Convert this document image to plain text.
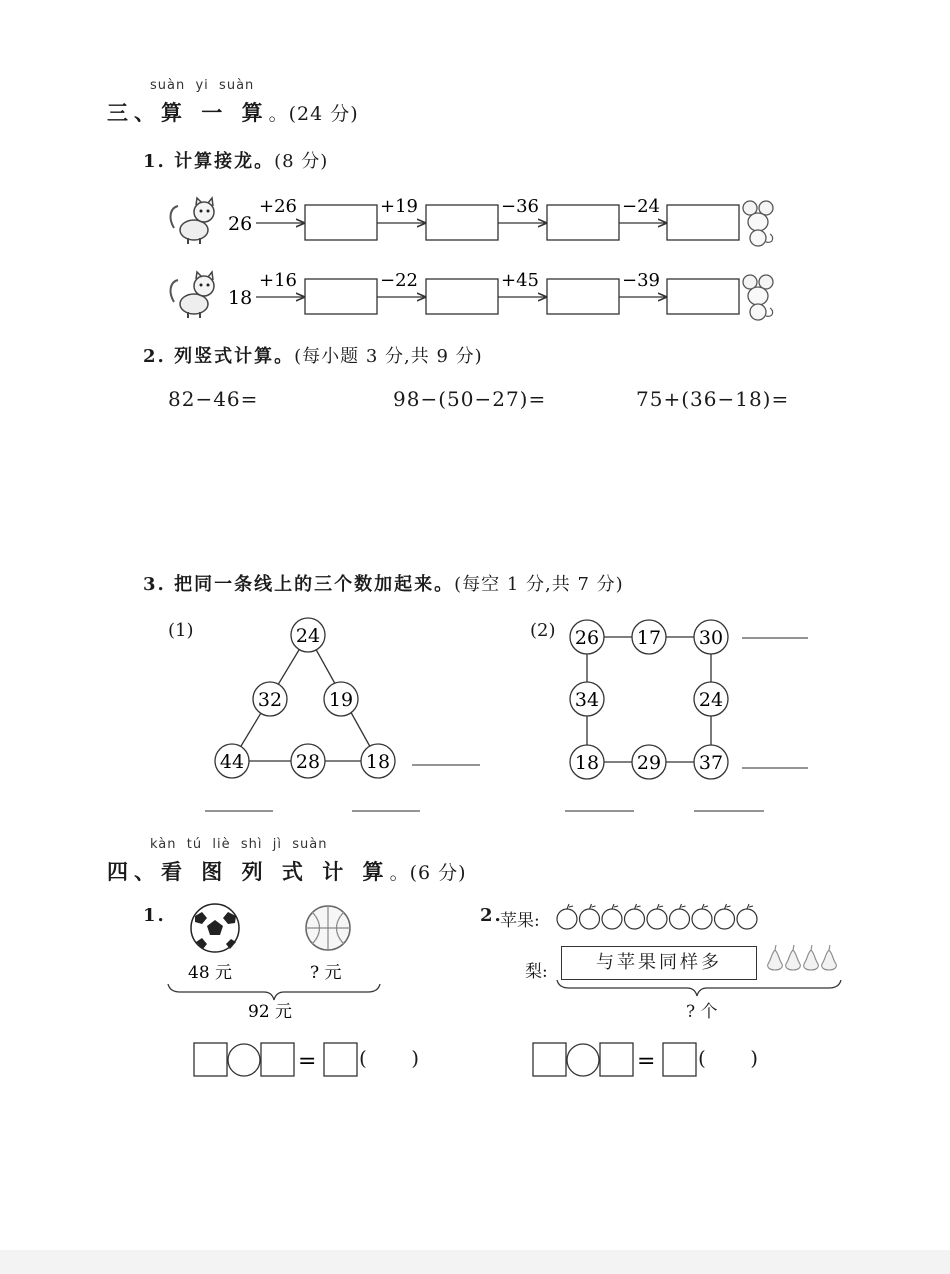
suàn  yi  suàn
三、算 一 算。(24 分)
1. 计算接龙。(8 分)
26
+26	+19	−36	−24
18
+16	−22	+45	−39
2. 列竖式计算。(每小题 3 分,共 9 分)
82−46=	98−(50−27)=	75+(36−18)=
3. 把同一条线上的三个数加起来。(每空 1 分,共 7 分)
(1)	24
32 19
44	28 18
(2) 26 17 30
34	24
18 29 37
kàn  tú  liè  shì  jì  suàn
四、看 图 列 式 计 算。(6 分)
1.
48 元	? 元
92 元
= (       )
2.
苹果:
梨:	与苹果同样多
? 个
= (       )
